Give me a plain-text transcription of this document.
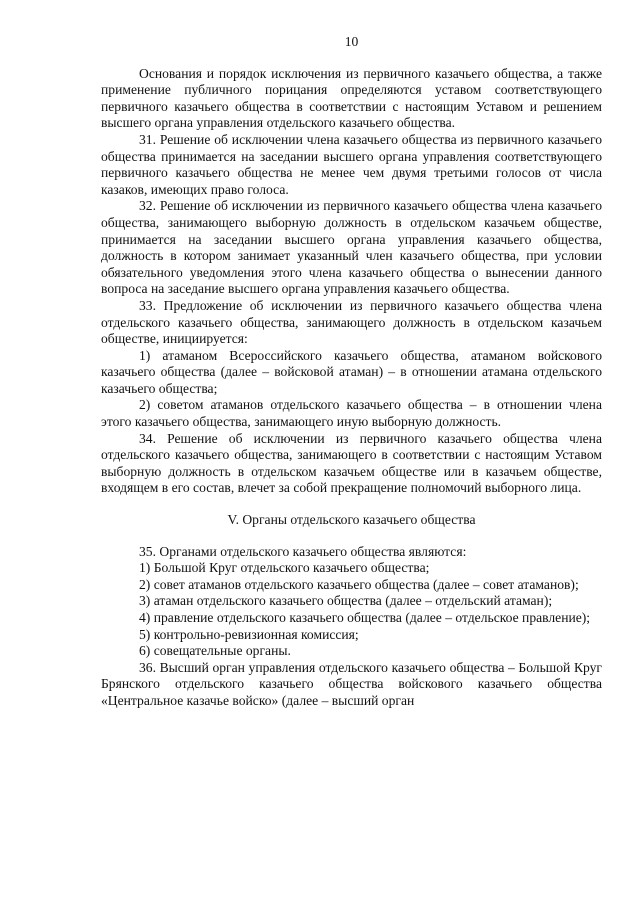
10

Основания и порядок исключения из первичного казачьего общества, а также применение публичного порицания определяются уставом соответствующего первичного казачьего общества в соответствии с настоящим Уставом и решением высшего органа управления отдельского казачьего общества.

31. Решение об исключении члена казачьего общества из первичного казачьего общества принимается на заседании высшего органа управления соответствующего первичного казачьего общества не менее чем двумя третьими голосов от числа казаков, имеющих право голоса.

32. Решение об исключении из первичного казачьего общества члена казачьего общества, занимающего выборную должность в отдельском казачьем обществе, принимается на заседании высшего органа управления казачьего общества, должность в котором занимает указанный член казачьего общества, при условии обязательного уведомления этого члена казачьего общества о вынесении данного вопроса на заседание высшего органа управления казачьего общества.

33. Предложение об исключении из первичного казачьего общества члена отдельского казачьего общества, занимающего должность в отдельском казачьем обществе, инициируется:

1) атаманом Всероссийского казачьего общества, атаманом войскового казачьего общества (далее – войсковой атаман) – в отношении атамана отдельского казачьего общества;

2) советом атаманов отдельского казачьего общества – в отношении члена этого казачьего общества, занимающего иную выборную должность.

34. Решение об исключении из первичного казачьего общества члена отдельского казачьего общества, занимающего в соответствии с настоящим Уставом выборную должность в отдельском казачьем обществе или в казачьем обществе, входящем в его состав, влечет за собой прекращение полномочий выборного лица.

V. Органы отдельского казачьего общества

35. Органами отдельского казачьего общества являются:

1) Большой Круг отдельского казачьего общества;

2) совет атаманов отдельского казачьего общества (далее – совет атаманов);

3) атаман отдельского казачьего общества (далее – отдельский атаман);

4) правление отдельского казачьего общества (далее – отдельское правление);

5) контрольно-ревизионная комиссия;

6) совещательные органы.

36. Высший орган управления отдельского казачьего общества – Большой Круг Брянского отдельского казачьего общества войскового казачьего общества «Центральное казачье войско» (далее – высший орган
